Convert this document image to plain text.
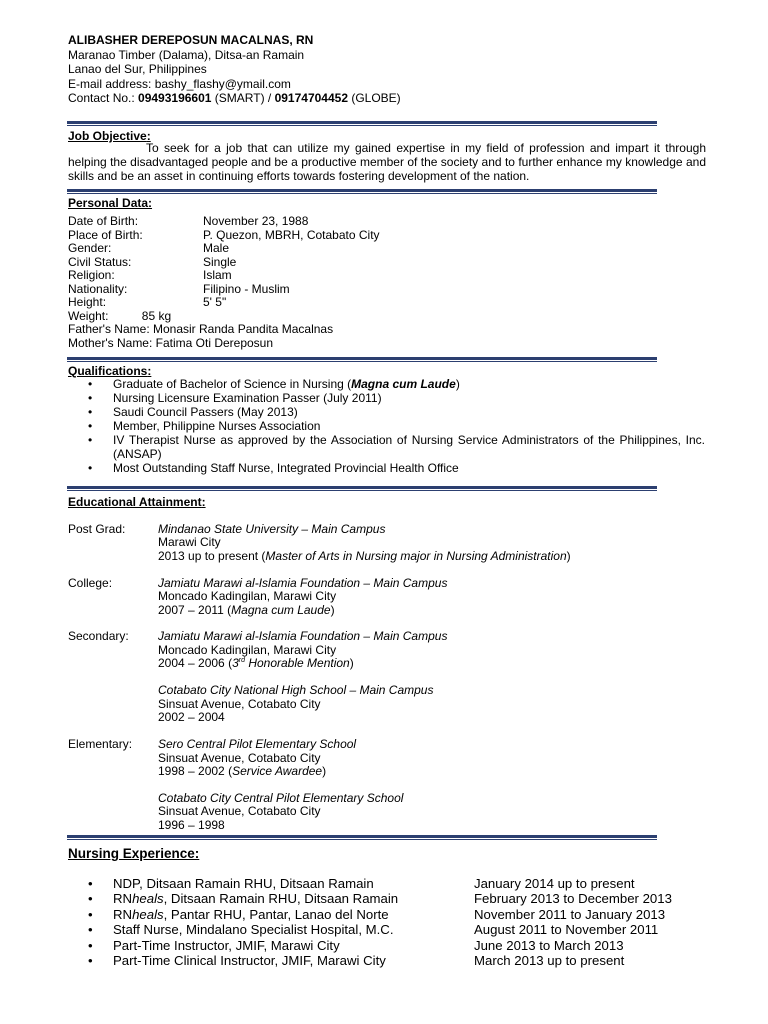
ALIBASHER DEREPOSUN MACALNAS, RN
Maranao Timber (Dalama), Ditsa-an Ramain
Lanao del Sur, Philippines
E-mail address: bashy_flashy@ymail.com
Contact No.: 09493196601 (SMART) / 09174704452 (GLOBE)
Job Objective:
To seek for a job that can utilize my gained expertise in my field of profession and impart it through helping the disadvantaged people and be a productive member of the society and to further enhance my knowledge and skills and be an asset in continuing efforts towards fostering development of the nation.
Personal Data:
Date of Birth:	November 23, 1988
Place of Birth:	P. Quezon, MBRH, Cotabato City
Gender:	Male
Civil Status:	Single
Religion:	Islam
Nationality:	Filipino - Muslim
Height:	5' 5"
Weight:          85 kg
Father's Name: Monasir Randa Pandita Macalnas
Mother's Name: Fatima Oti Dereposun
Qualifications:
• Graduate of Bachelor of Science in Nursing (Magna cum Laude)
• Nursing Licensure Examination Passer (July 2011)
• Saudi Council Passers (May 2013)
• Member, Philippine Nurses Association
• IV Therapist Nurse as approved by the Association of Nursing Service Administrators of the Philippines, Inc. (ANSAP)
• Most Outstanding Staff Nurse, Integrated Provincial Health Office
Educational Attainment:
Post Grad:	Mindanao State University – Main Campus
Marawi City
2013 up to present (Master of Arts in Nursing major in Nursing Administration)
College:	Jamiatu Marawi al-Islamia Foundation – Main Campus
Moncado Kadingilan, Marawi City
2007 – 2011 (Magna cum Laude)
Secondary: Jamiatu Marawi al-Islamia Foundation – Main Campus
Moncado Kadingilan, Marawi City
2004 – 2006 (3rd Honorable Mention)
Cotabato City National High School – Main Campus
Sinsuat Avenue, Cotabato City
2002 – 2004
Elementary: Sero Central Pilot Elementary School
Sinsuat Avenue, Cotabato City
1998 – 2002 (Service Awardee)
Cotabato City Central Pilot Elementary School
Sinsuat Avenue, Cotabato City
1996 – 1998
Nursing Experience:
• NDP, Ditsaan Ramain RHU, Ditsaan Ramain	January 2014 up to present
• RNheals, Ditsaan Ramain RHU, Ditsaan Ramain	February 2013 to December 2013
• RNheals, Pantar RHU, Pantar, Lanao del Norte	November 2011 to January 2013
• Staff Nurse, Mindalano Specialist Hospital, M.C.	August 2011 to November 2011
• Part-Time Instructor, JMIF, Marawi City	June 2013 to March 2013
• Part-Time Clinical Instructor, JMIF, Marawi City	March 2013 up to present
